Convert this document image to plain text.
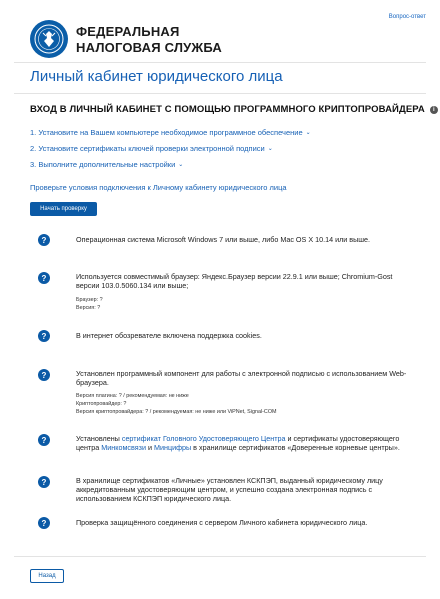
ФЕДЕРАЛЬНАЯ
НАЛОГОВАЯ СЛУЖБА
Вопрос-ответ
Личный кабинет юридического лица
ВХОД В ЛИЧНЫЙ КАБИНЕТ С ПОМОЩЬЮ ПРОГРАММНОГО КРИПТОПРОВАЙДЕРА	i
1. Установите на Вашем компьютере необходимое программное обеспечение ⌄
2. Установите сертификаты ключей проверки электронной подписи ⌄
3. Выполните дополнительные настройки ⌄
Проверьте условия подключения к Личному кабинету юридического лица
Начать проверку
?	Операционная система Microsoft Windows 7 или выше, либо Mac OS X 10.14 или выше.
?	Используется совместимый браузер: Яндекс.Браузер версии 22.9.1 или выше; Chromium-Gost версии 103.0.5060.134 или выше;
Браузер: ?
Версия: ?
?	В интернет обозревателе включена поддержка cookies.
?	Установлен программный компонент для работы с электронной подписью с использованием Web-браузера.
Версия плагина: ? / рекомендуемая: не ниже
Криптопровайдер: ?
Версия криптопровайдера: ? / рекомендуемая: не ниже или ViPNet, Signal-COM
?	Установлены сертификат Головного Удостоверяющего Центра и сертификаты удостоверяющего центра Минкомсвязи и Минцифры в хранилище сертификатов «Доверенные корневые центры».
?	В хранилище сертификатов «Личные» установлен КСКПЭП, выданный юридическому лицу аккредитованным удостоверяющим центром, и успешно создана электронная подпись с использованием КСКПЭП юридического лица.
?	Проверка защищённого соединения с сервером Личного кабинета юридического лица.
Назад
